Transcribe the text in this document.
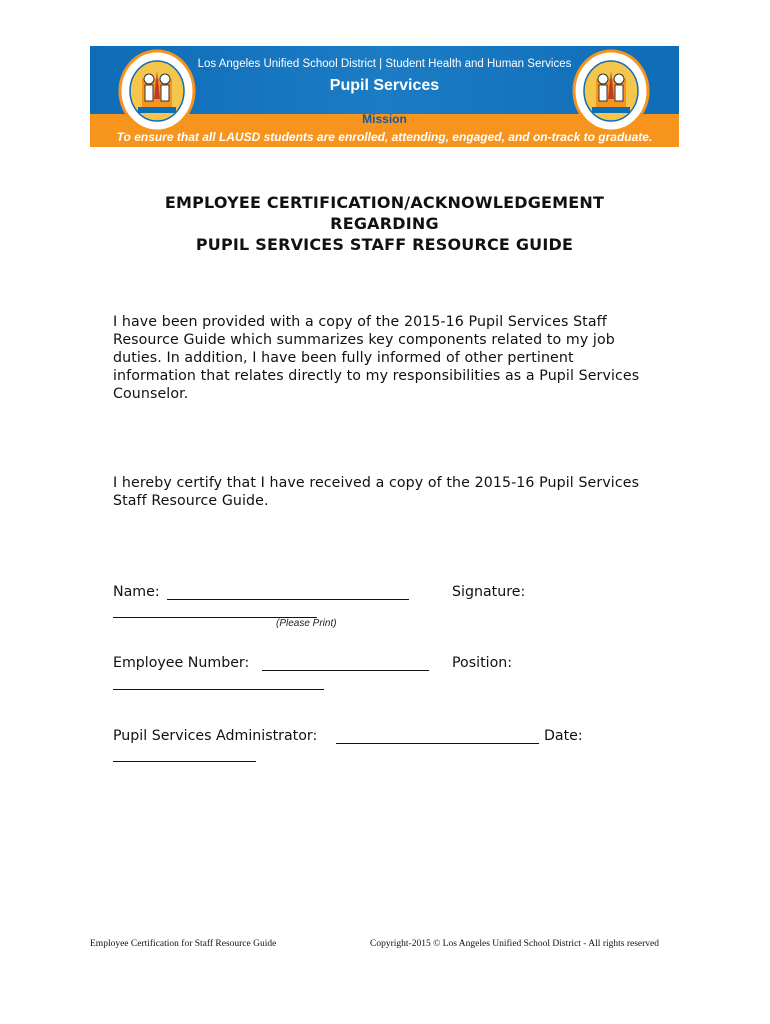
Los Angeles Unified School District | Student Health and Human Services
Pupil Services
Mission
To ensure that all LAUSD students are enrolled, attending, engaged, and on-track to graduate.
EMPLOYEE CERTIFICATION/ACKNOWLEDGEMENT
REGARDING
PUPIL SERVICES STAFF RESOURCE GUIDE
I have been provided with a copy of the 2015-16 Pupil Services Staff
Resource Guide which summarizes key components related to my job
duties. In addition, I have been fully informed of other pertinent
information that relates directly to my responsibilities as a Pupil Services
Counselor.
I hereby certify that I have received a copy of the 2015-16 Pupil Services
Staff Resource Guide.
Name:	Signature:
(Please Print)
Employee Number:	Position:
Pupil Services Administrator:	Date:
Employee Certification for Staff Resource Guide	Copyright-2015 © Los Angeles Unified School District - All rights reserved
